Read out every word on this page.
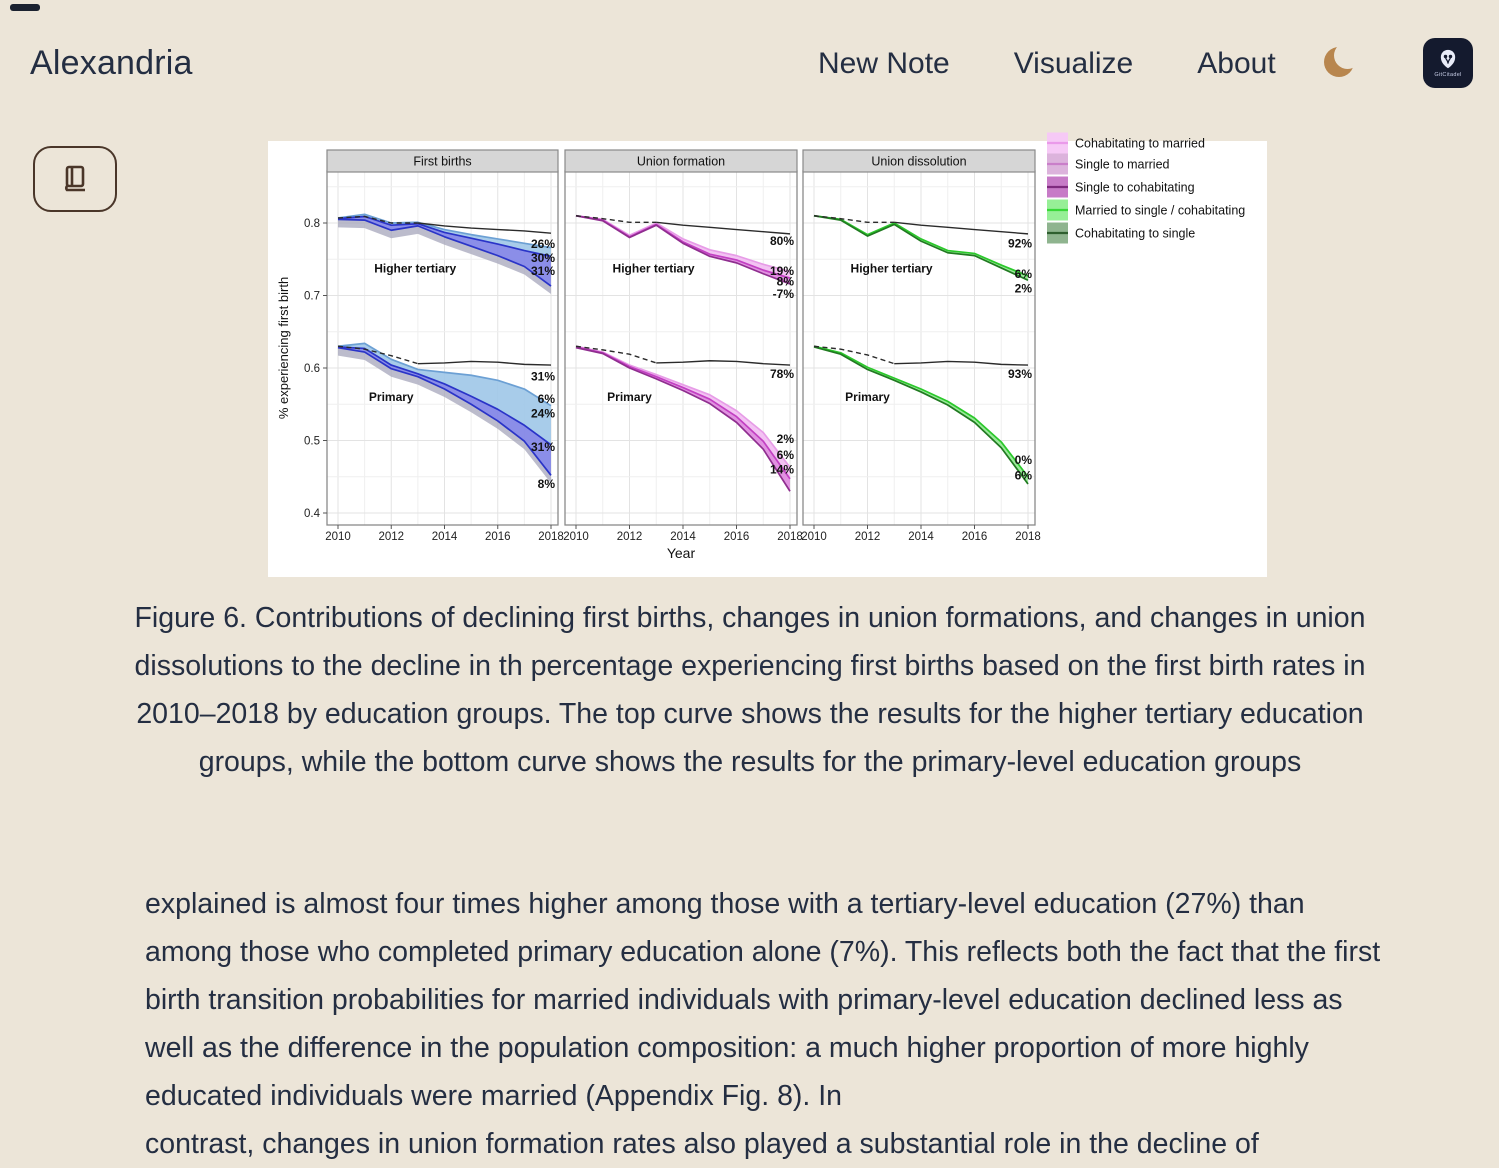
Alexandria	New Note Visualize About	GitCitadel
First births
26%
30%
31%
Higher tertiary
31%
6%
24%
31%
8%
Primary
2010 2012 2014 2016 2018
Union formation
80%
19%
8%
-7%
Higher tertiary
78%
2%
6%
14%
Primary
2010 2012 2014 2016 2018
Union dissolution
92%
6%
2%
Higher tertiary
93%
0%
6%
Primary
2010 2012 2014 2016 2018
0.4
0.5
0.6
0.7
0.8
% experiencing first birth
Year
Cohabitating to married
Single to married
Single to cohabitating
Married to single / cohabitating
Cohabitating to single

Figure 6. Contributions of declining first births, changes in union formations, and changes in union dissolutions to the decline in th percentage experiencing first births based on the first birth rates in 2010–2018 by education groups. The top curve shows the results for the higher tertiary education groups, while the bottom curve shows the results for the primary-level education groups

explained is almost four times higher among those with a tertiary-level education (27%) than among those who completed primary education alone (7%). This reflects both the fact that the first birth transition probabilities for married individuals with primary-level education declined less as well as the difference in the population composition: a much higher proportion of more highly educated individuals were married (Appendix Fig. 8). In

contrast, changes in union formation rates also played a substantial role in the decline of
